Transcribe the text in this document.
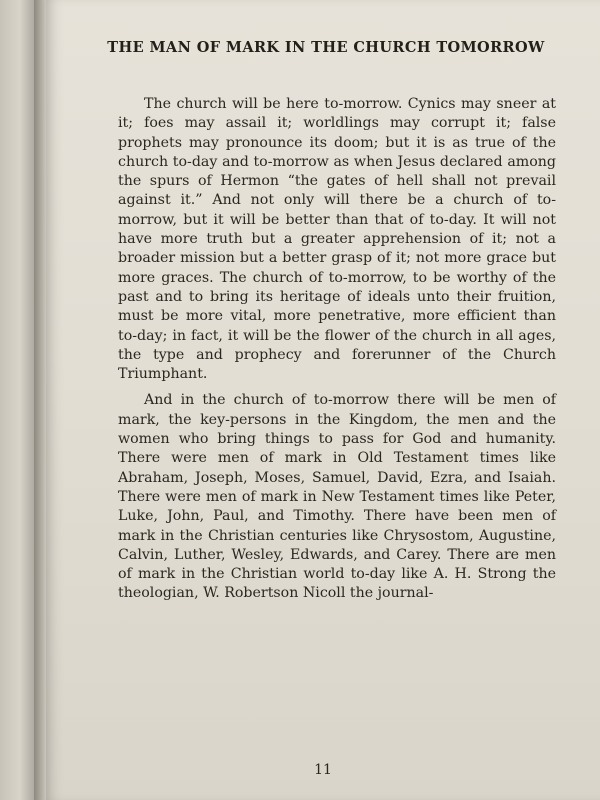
THE MAN OF MARK IN THE CHURCH TOMORROW

The church will be here to-morrow. Cynics may sneer at it; foes may assail it; worldlings may corrupt it; false prophets may pronounce its doom; but it is as true of the church to-day and to-morrow as when Jesus declared among the spurs of Hermon “the gates of hell shall not prevail against it.” And not only will there be a church of to-morrow, but it will be better than that of to-day. It will not have more truth but a greater apprehension of it; not a broader mission but a better grasp of it; not more grace but more graces. The church of to-morrow, to be worthy of the past and to bring its heritage of ideals unto their fruition, must be more vital, more penetrative, more efficient than to-day; in fact, it will be the flower of the church in all ages, the type and prophecy and forerunner of the Church Triumphant.

And in the church of to-morrow there will be men of mark, the key-persons in the Kingdom, the men and the women who bring things to pass for God and humanity. There were men of mark in Old Testament times like Abraham, Joseph, Moses, Samuel, David, Ezra, and Isaiah. There were men of mark in New Testament times like Peter, Luke, John, Paul, and Timothy. There have been men of mark in the Christian centuries like Chrysostom, Augustine, Calvin, Luther, Wesley, Edwards, and Carey. There are men of mark in the Christian world to-day like A. H. Strong the theologian, W. Robertson Nicoll the journal-

11
